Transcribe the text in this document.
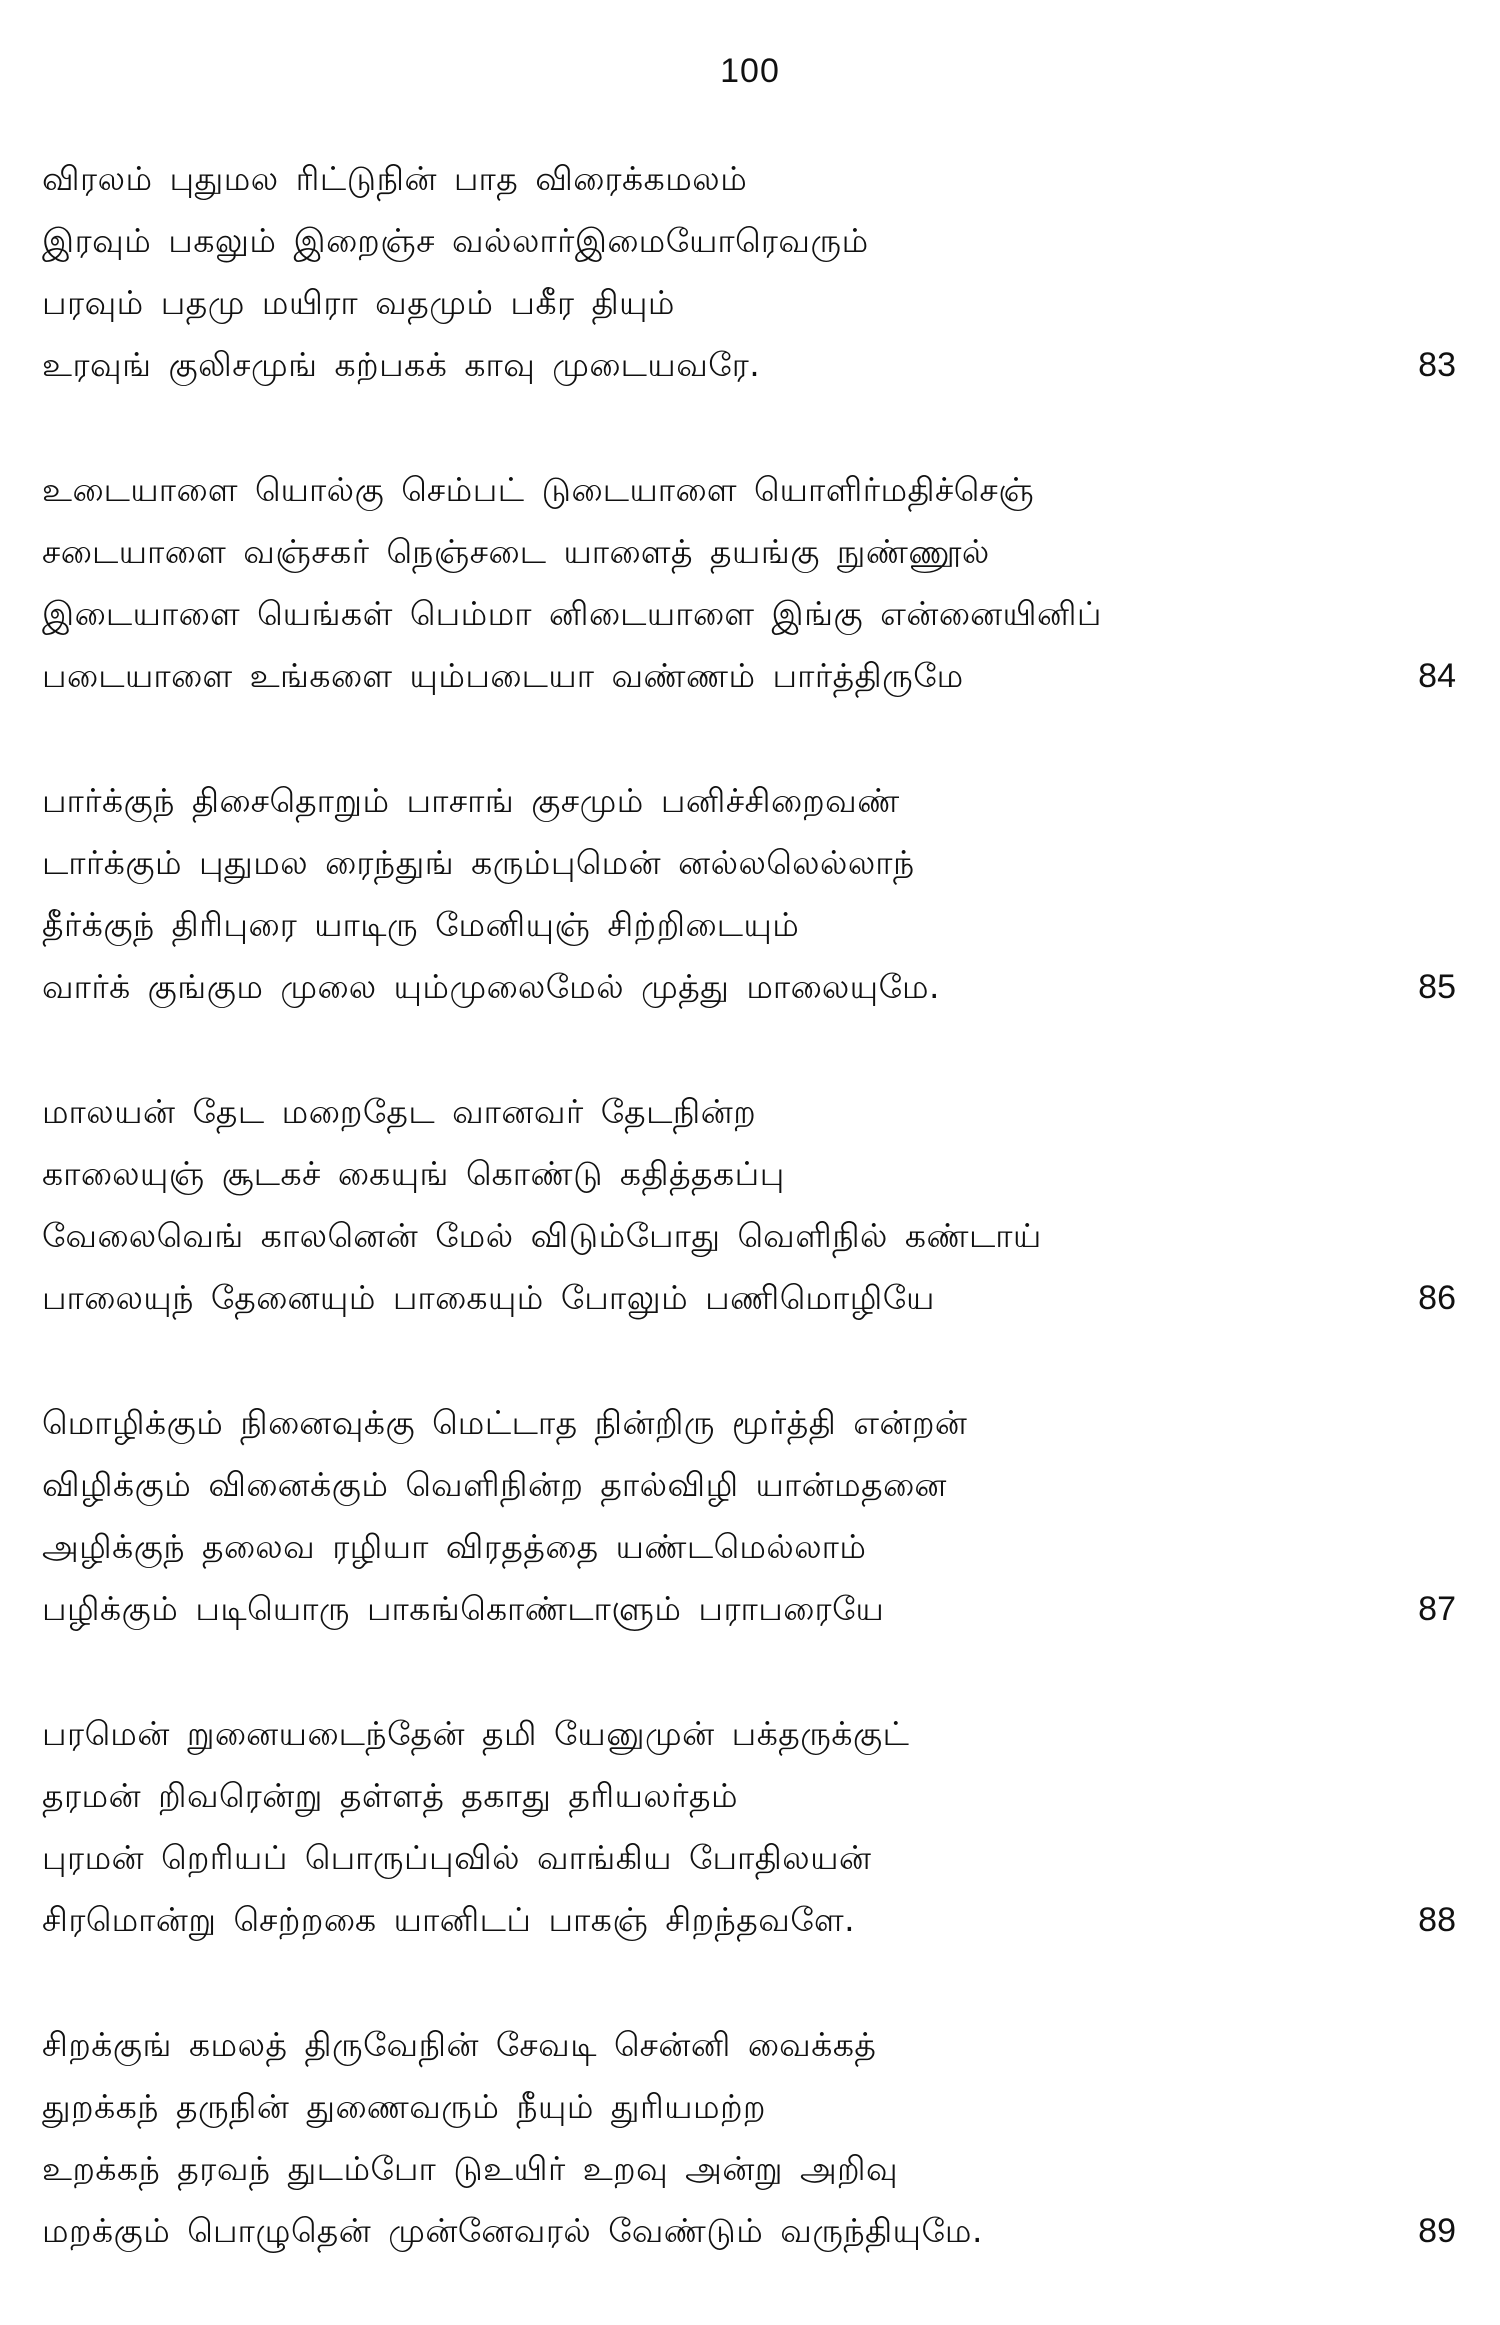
100
விரலம் புதுமல ரிட்டுநின் பாத விரைக்கமலம்
இரவும் பகலும் இறைஞ்ச வல்லார்இமையோரெவரும்
பரவும் பதமு மயிரா வதமும் பகீர தியும்
உரவுங் குலிசமுங் கற்பகக் காவு முடையவரே.	83
உடையாளை யொல்கு செம்பட் டுடையாளை யொளிர்மதிச்செஞ்
சடையாளை வஞ்சகர் நெஞ்சடை யாளைத் தயங்கு நுண்ணூல்
இடையாளை யெங்கள் பெம்மா னிடையாளை இங்கு என்னையினிப்
படையாளை உங்களை யும்படையா வண்ணம் பார்த்திருமே	84
பார்க்குந் திசைதொறும் பாசாங் குசமும் பனிச்சிறைவண்
டார்க்கும் புதுமல ரைந்துங் கரும்புமென் னல்லலெல்லாந்
தீர்க்குந் திரிபுரை யாடிரு மேனியுஞ் சிற்றிடையும்
வார்க் குங்கும முலை யும்முலைமேல் முத்து மாலையுமே.	85
மாலயன் தேட மறைதேட வானவர் தேடநின்ற
காலையுஞ் சூடகச் கையுங் கொண்டு கதித்தகப்பு
வேலைவெங் காலனென் மேல் விடும்போது வெளிநில் கண்டாய்
பாலையுந் தேனையும் பாகையும் போலும் பணிமொழியே	86
மொழிக்கும் நினைவுக்கு மெட்டாத நின்றிரு மூர்த்தி என்றன்
விழிக்கும் வினைக்கும் வெளிநின்ற தால்விழி யான்மதனை
அழிக்குந் தலைவ ரழியா விரதத்தை யண்டமெல்லாம்
பழிக்கும் படியொரு பாகங்கொண்டாளும் பராபரையே	87
பரமென் றுனையடைந்தேன் தமி யேனுமுன் பக்தருக்குட்
தரமன் றிவரென்று தள்ளத் தகாது தரியலர்தம்
புரமன் றெரியப் பொருப்புவில் வாங்கிய போதிலயன்
சிரமொன்று செற்றகை யானிடப் பாகஞ் சிறந்தவளே.	88
சிறக்குங் கமலத் திருவேநின் சேவடி சென்னி வைக்கத்
துறக்கந் தருநின் துணைவரும் நீயும் துரியமற்ற
உறக்கந் தரவந் துடம்போ டுஉயிர் உறவு அன்று அறிவு
மறக்கும் பொழுதென் முன்னேவரல் வேண்டும் வருந்தியுமே.	89
